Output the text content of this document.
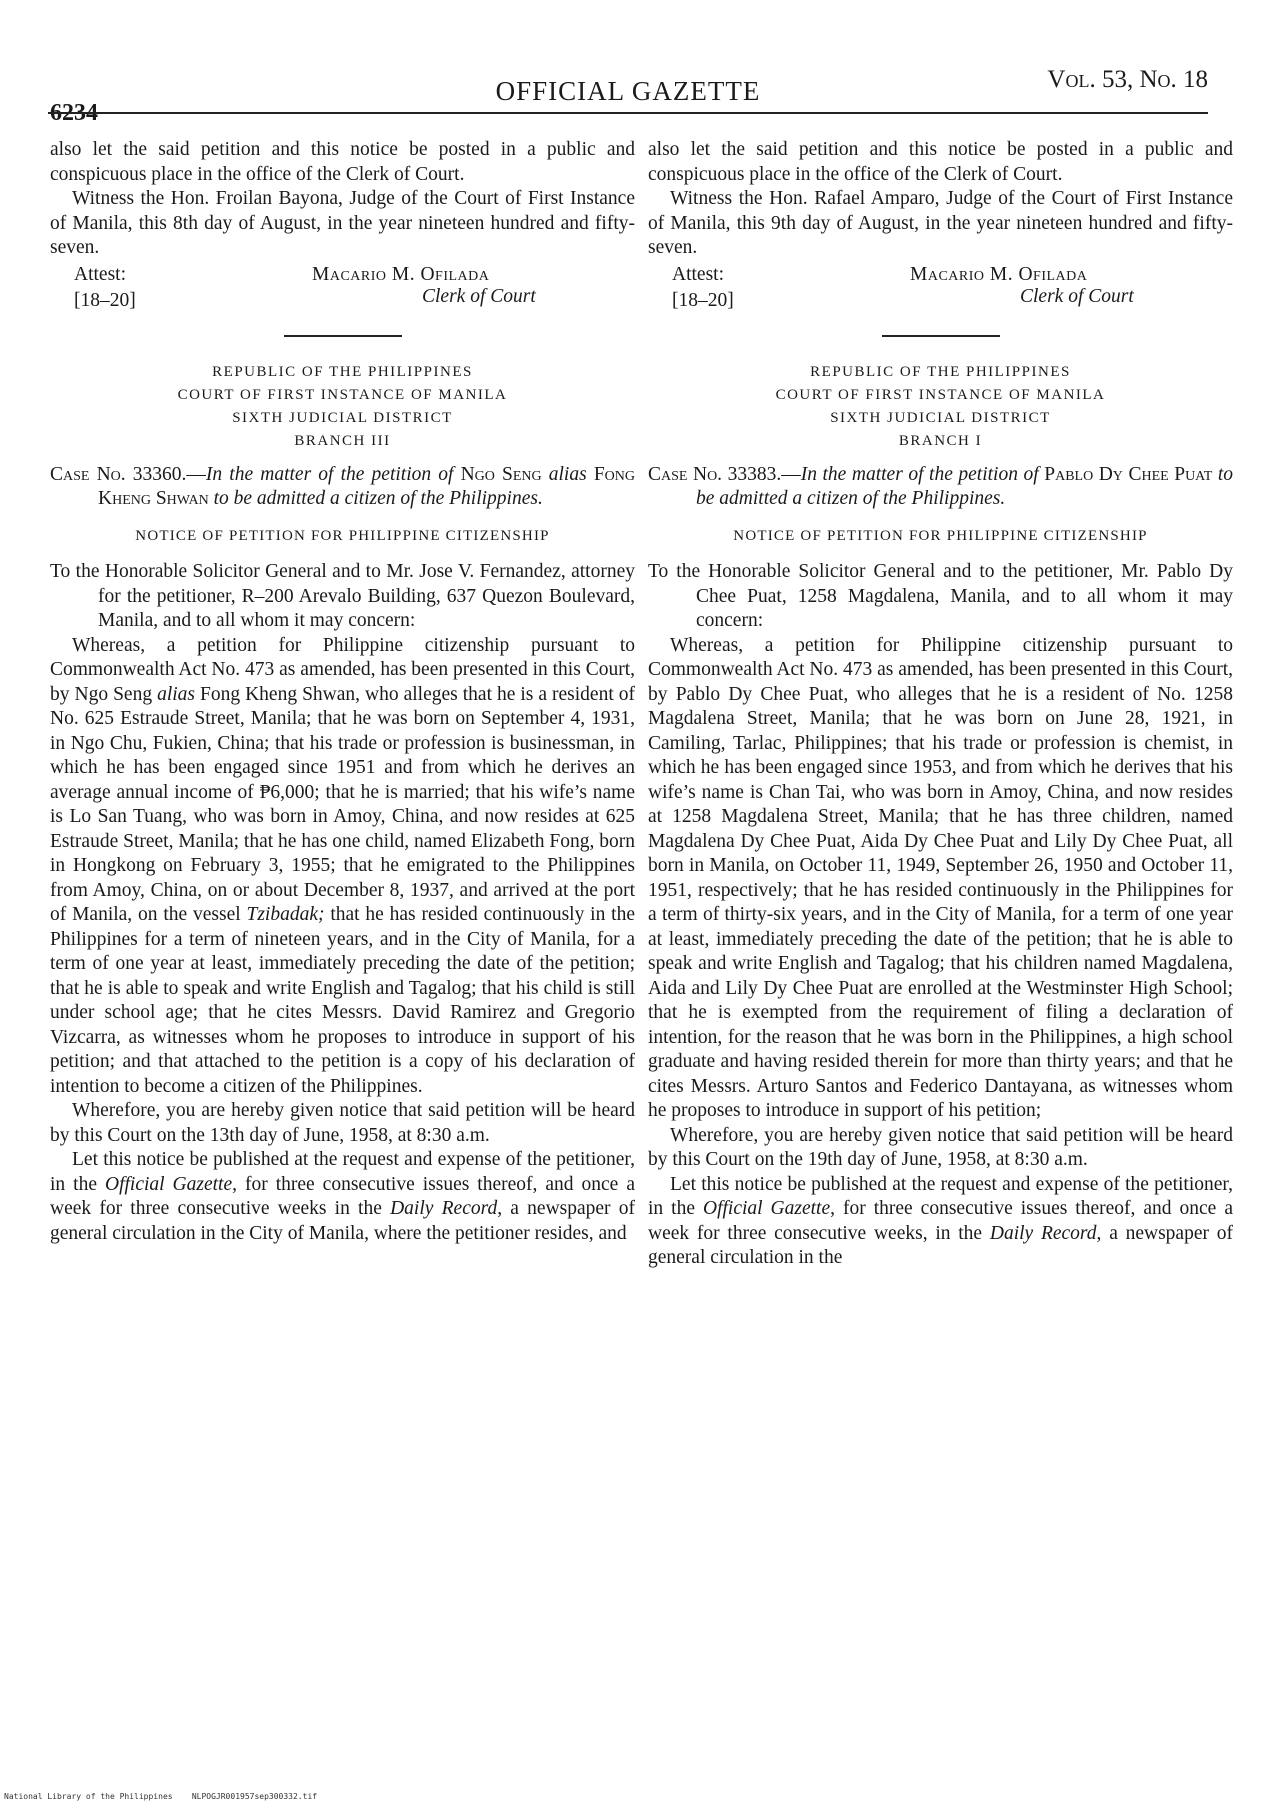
6234
OFFICIAL GAZETTE	Vol. 53, No. 18

also let the said petition and this notice be posted in a public and conspicuous place in the office of the Clerk of Court.

Witness the Hon. Froilan Bayona, Judge of the Court of First Instance of Manila, this 8th day of August, in the year nineteen hundred and fifty-seven.

Attest:
[18–20]
Macario M. Ofilada
Clerk of Court
REPUBLIC OF THE PHILIPPINES
COURT OF FIRST INSTANCE OF MANILA
SIXTH JUDICIAL DISTRICT
BRANCH III

Case No. 33360.—In the matter of the petition of Ngo Seng alias Fong Kheng Shwan to be admitted a citizen of the Philippines.

NOTICE OF PETITION FOR PHILIPPINE CITIZENSHIP

To the Honorable Solicitor General and to Mr. Jose V. Fernandez, attorney for the petitioner, R–200 Arevalo Building, 637 Quezon Boulevard, Manila, and to all whom it may concern:

Whereas, a petition for Philippine citizenship pursuant to Commonwealth Act No. 473 as amended, has been presented in this Court, by Ngo Seng alias Fong Kheng Shwan, who alleges that he is a resident of No. 625 Estraude Street, Manila; that he was born on September 4, 1931, in Ngo Chu, Fukien, China; that his trade or profession is businessman, in which he has been engaged since 1951 and from which he derives an average annual income of ₱6,000; that he is married; that his wife’s name is Lo San Tuang, who was born in Amoy, China, and now resides at 625 Estraude Street, Manila; that he has one child, named Elizabeth Fong, born in Hongkong on February 3, 1955; that he emigrated to the Philippines from Amoy, China, on or about December 8, 1937, and arrived at the port of Manila, on the vessel Tzibadak; that he has resided continuously in the Philippines for a term of nineteen years, and in the City of Manila, for a term of one year at least, immediately preceding the date of the petition; that he is able to speak and write English and Tagalog; that his child is still under school age; that he cites Messrs. David Ramirez and Gregorio Vizcarra, as witnesses whom he proposes to introduce in support of his petition; and that attached to the petition is a copy of his declaration of intention to become a citizen of the Philippines.

Wherefore, you are hereby given notice that said petition will be heard by this Court on the 13th day of June, 1958, at 8:30 a.m.

Let this notice be published at the request and expense of the petitioner, in the Official Gazette, for three consecutive issues thereof, and once a week for three consecutive weeks in the Daily Record, a newspaper of general circulation in the City of Manila, where the petitioner resides, and

also let the said petition and this notice be posted in a public and conspicuous place in the office of the Clerk of Court.

Witness the Hon. Rafael Amparo, Judge of the Court of First Instance of Manila, this 9th day of August, in the year nineteen hundred and fifty-seven.

Attest:
[18–20]
Macario M. Ofilada
Clerk of Court
REPUBLIC OF THE PHILIPPINES
COURT OF FIRST INSTANCE OF MANILA
SIXTH JUDICIAL DISTRICT
BRANCH I

Case No. 33383.—In the matter of the petition of Pablo Dy Chee Puat to be admitted a citizen of the Philippines.

NOTICE OF PETITION FOR PHILIPPINE CITIZENSHIP

To the Honorable Solicitor General and to the petitioner, Mr. Pablo Dy Chee Puat, 1258 Magdalena, Manila, and to all whom it may concern:

Whereas, a petition for Philippine citizenship pursuant to Commonwealth Act No. 473 as amended, has been presented in this Court, by Pablo Dy Chee Puat, who alleges that he is a resident of No. 1258 Magdalena Street, Manila; that he was born on June 28, 1921, in Camiling, Tarlac, Philippines; that his trade or profession is chemist, in which he has been engaged since 1953, and from which he derives that his wife’s name is Chan Tai, who was born in Amoy, China, and now resides at 1258 Magdalena Street, Manila; that he has three children, named Magdalena Dy Chee Puat, Aida Dy Chee Puat and Lily Dy Chee Puat, all born in Manila, on October 11, 1949, September 26, 1950 and October 11, 1951, respectively; that he has resided continuously in the Philippines for a term of thirty-six years, and in the City of Manila, for a term of one year at least, immediately preceding the date of the petition; that he is able to speak and write English and Tagalog; that his children named Magdalena, Aida and Lily Dy Chee Puat are enrolled at the Westminster High School; that he is exempted from the requirement of filing a declaration of intention, for the reason that he was born in the Philippines, a high school graduate and having resided therein for more than thirty years; and that he cites Messrs. Arturo Santos and Federico Dantayana, as witnesses whom he proposes to introduce in support of his petition;

Wherefore, you are hereby given notice that said petition will be heard by this Court on the 19th day of June, 1958, at 8:30 a.m.

Let this notice be published at the request and expense of the petitioner, in the Official Gazette, for three consecutive issues thereof, and once a week for three consecutive weeks, in the Daily Record, a newspaper of general circulation in the

National Library of the Philippines NLPOGJR001957sep300332.tif
